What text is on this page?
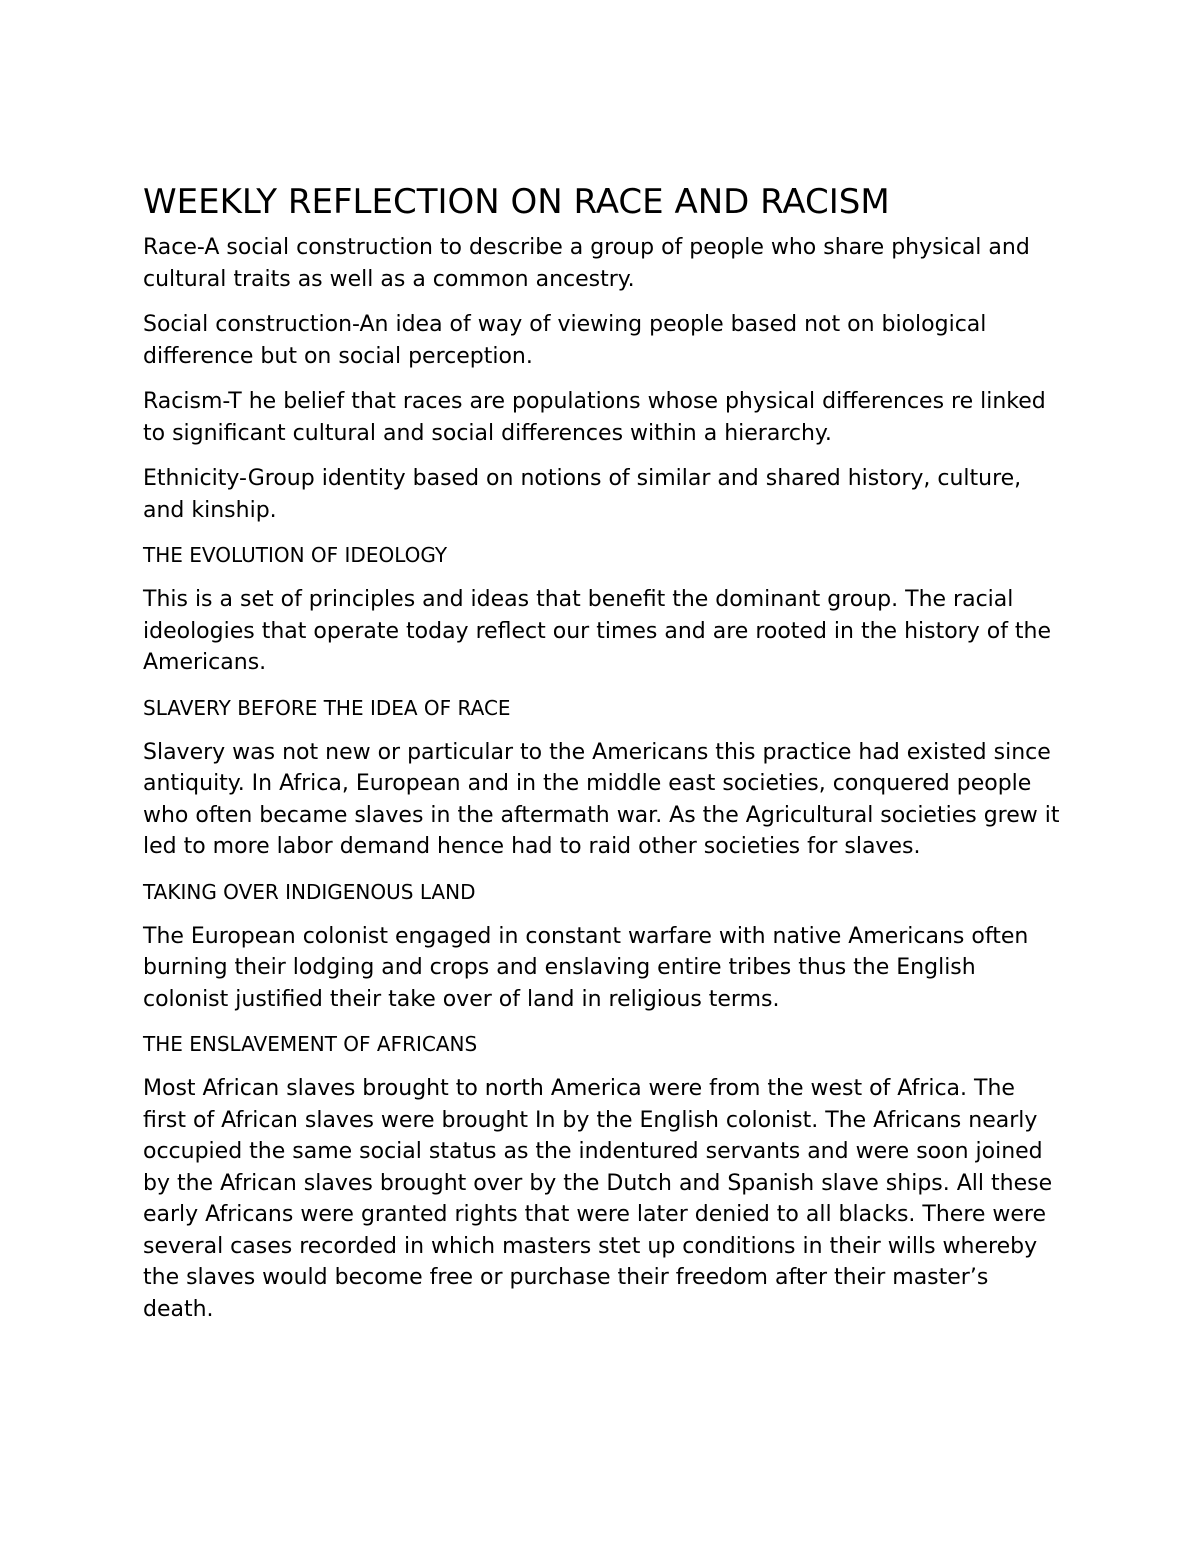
WEEKLY REFLECTION ON RACE AND RACISM

Race-A social construction to describe a group of people who share physical and cultural traits as well as a common ancestry.

Social construction-An idea of way of viewing people based not on biological difference but on social perception.

Racism-T he belief that races are populations whose physical differences re linked to significant cultural and social differences within a hierarchy.

Ethnicity-Group identity based on notions of similar and shared history, culture, and kinship.

THE EVOLUTION OF IDEOLOGY

This is a set of principles and ideas that benefit the dominant group. The racial ideologies that operate today reflect our times and are rooted in the history of the Americans.

SLAVERY BEFORE THE IDEA OF RACE

Slavery was not new or particular to the Americans this practice had existed since antiquity. In Africa, European and in the middle east societies, conquered people who often became slaves in the aftermath war. As the Agricultural societies grew it led to more labor demand hence had to raid other societies for slaves.

TAKING OVER INDIGENOUS LAND

The European colonist engaged in constant warfare with native Americans often burning their lodging and crops and enslaving entire tribes thus the English colonist justified their take over of land in religious terms.

THE ENSLAVEMENT OF AFRICANS

Most African slaves brought to north America were from the west of Africa. The first of African slaves were brought In by the English colonist. The Africans nearly occupied the same social status as the indentured servants and were soon joined by the African slaves brought over by the Dutch and Spanish slave ships. All these early Africans were granted rights that were later denied to all blacks. There were several cases recorded in which masters stet up conditions in their wills whereby the slaves would become free or purchase their freedom after their master’s death.
